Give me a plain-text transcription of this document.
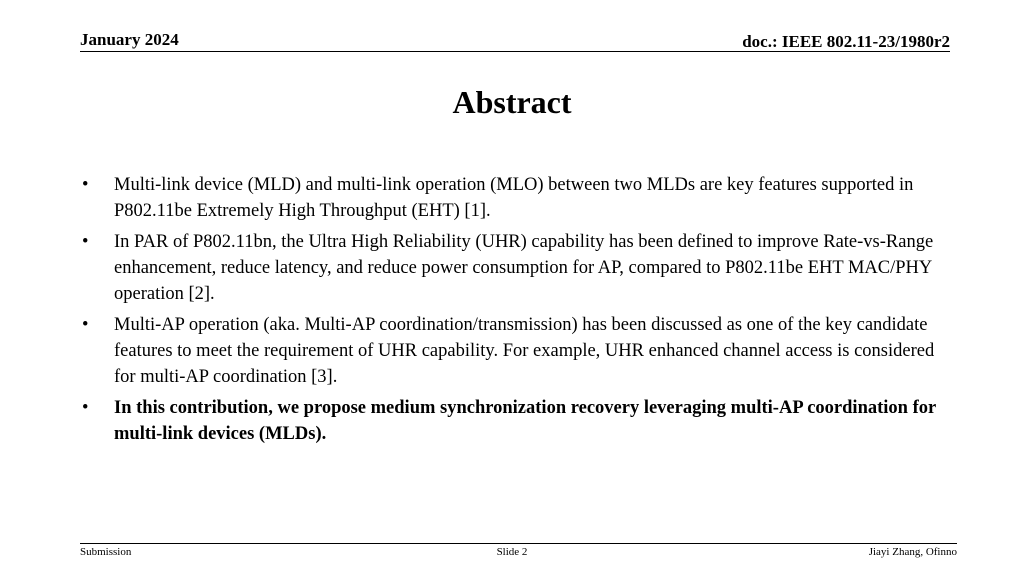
January 2024	doc.: IEEE 802.11-23/1980r2
Abstract
•	Multi-link device (MLD) and multi-link operation (MLO) between two MLDs are key features supported in P802.11be Extremely High Throughput (EHT) [1].
•	In PAR of P802.11bn, the Ultra High Reliability (UHR) capability has been defined to improve Rate-vs-Range enhancement, reduce latency, and reduce power consumption for AP, compared to P802.11be EHT MAC/PHY operation [2].
•	Multi-AP operation (aka. Multi-AP coordination/transmission) has been discussed as one of the key candidate features to meet the requirement of UHR capability. For example, UHR enhanced channel access is considered for multi-AP coordination [3].
•	In this contribution, we propose medium synchronization recovery leveraging multi-AP coordination for multi-link devices (MLDs).
Submission	Slide 2	Jiayi Zhang, Ofinno
